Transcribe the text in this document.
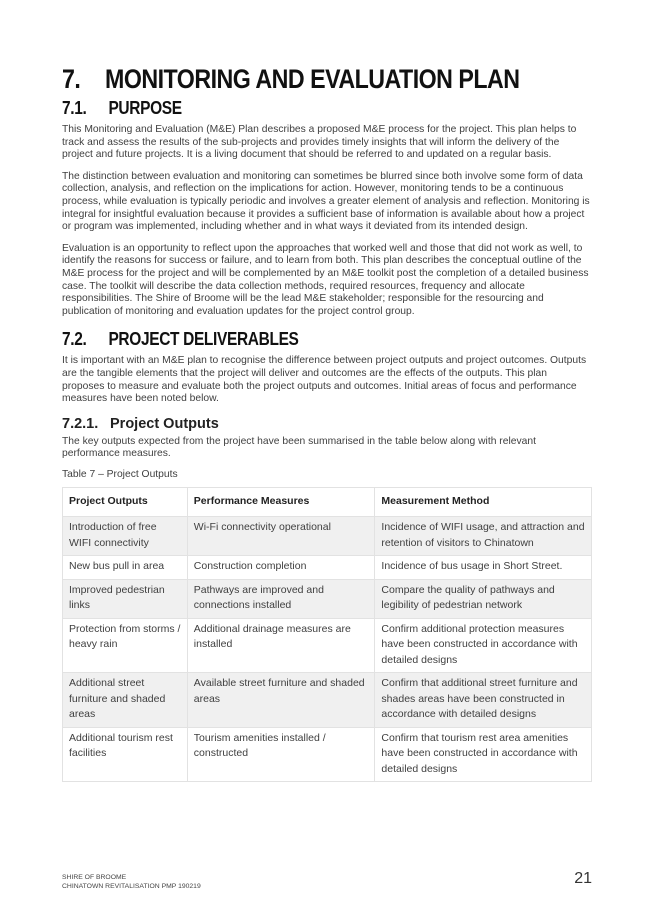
7. MONITORING AND EVALUATION PLAN
7.1. PURPOSE

This Monitoring and Evaluation (M&E) Plan describes a proposed M&E process for the project. This plan helps to track and assess the results of the sub-projects and provides timely insights that will inform the delivery of the project and future projects. It is a living document that should be referred to and updated on a regular basis.

The distinction between evaluation and monitoring can sometimes be blurred since both involve some form of data collection, analysis, and reflection on the implications for action. However, monitoring tends to be a continuous process, while evaluation is typically periodic and involves a greater element of analysis and reflection. Monitoring is integral for insightful evaluation because it provides a sufficient base of information is available about how a project or program was implemented, including whether and in what ways it deviated from its intended design.

Evaluation is an opportunity to reflect upon the approaches that worked well and those that did not work as well, to identify the reasons for success or failure, and to learn from both. This plan describes the conceptual outline of the M&E process for the project and will be complemented by an M&E toolkit post the completion of a detailed business case. The toolkit will describe the data collection methods, required resources, frequency and allocate responsibilities. The Shire of Broome will be the lead M&E stakeholder; responsible for the resourcing and publication of monitoring and evaluation updates for the project control group.

7.2. PROJECT DELIVERABLES

It is important with an M&E plan to recognise the difference between project outputs and project outcomes. Outputs are the tangible elements that the project will deliver and outcomes are the effects of the outputs. This plan proposes to measure and evaluate both the project outputs and outcomes. Initial areas of focus and performance measures have been noted below.

7.2.1. Project Outputs

The key outputs expected from the project have been summarised in the table below along with relevant performance measures.

Table 7 – Project Outputs
Project Outputs	Performance Measures	Measurement Method
Introduction of free WIFI connectivity	Wi-Fi connectivity operational	Incidence of WIFI usage, and attraction and retention of visitors to Chinatown
New bus pull in area	Construction completion	Incidence of bus usage in Short Street.
Improved pedestrian links	Pathways are improved and connections installed	Compare the quality of pathways and legibility of pedestrian network
Protection from storms / heavy rain	Additional drainage measures are installed	Confirm additional protection measures have been constructed in accordance with detailed designs
Additional street furniture and shaded areas	Available street furniture and shaded areas	Confirm that additional street furniture and shades areas have been constructed in accordance with detailed designs
Additional tourism rest facilities	Tourism amenities installed / constructed	Confirm that tourism rest area amenities have been constructed in accordance with detailed designs
SHIRE OF BROOME
CHINATOWN REVITALISATION PMP 190219	21
